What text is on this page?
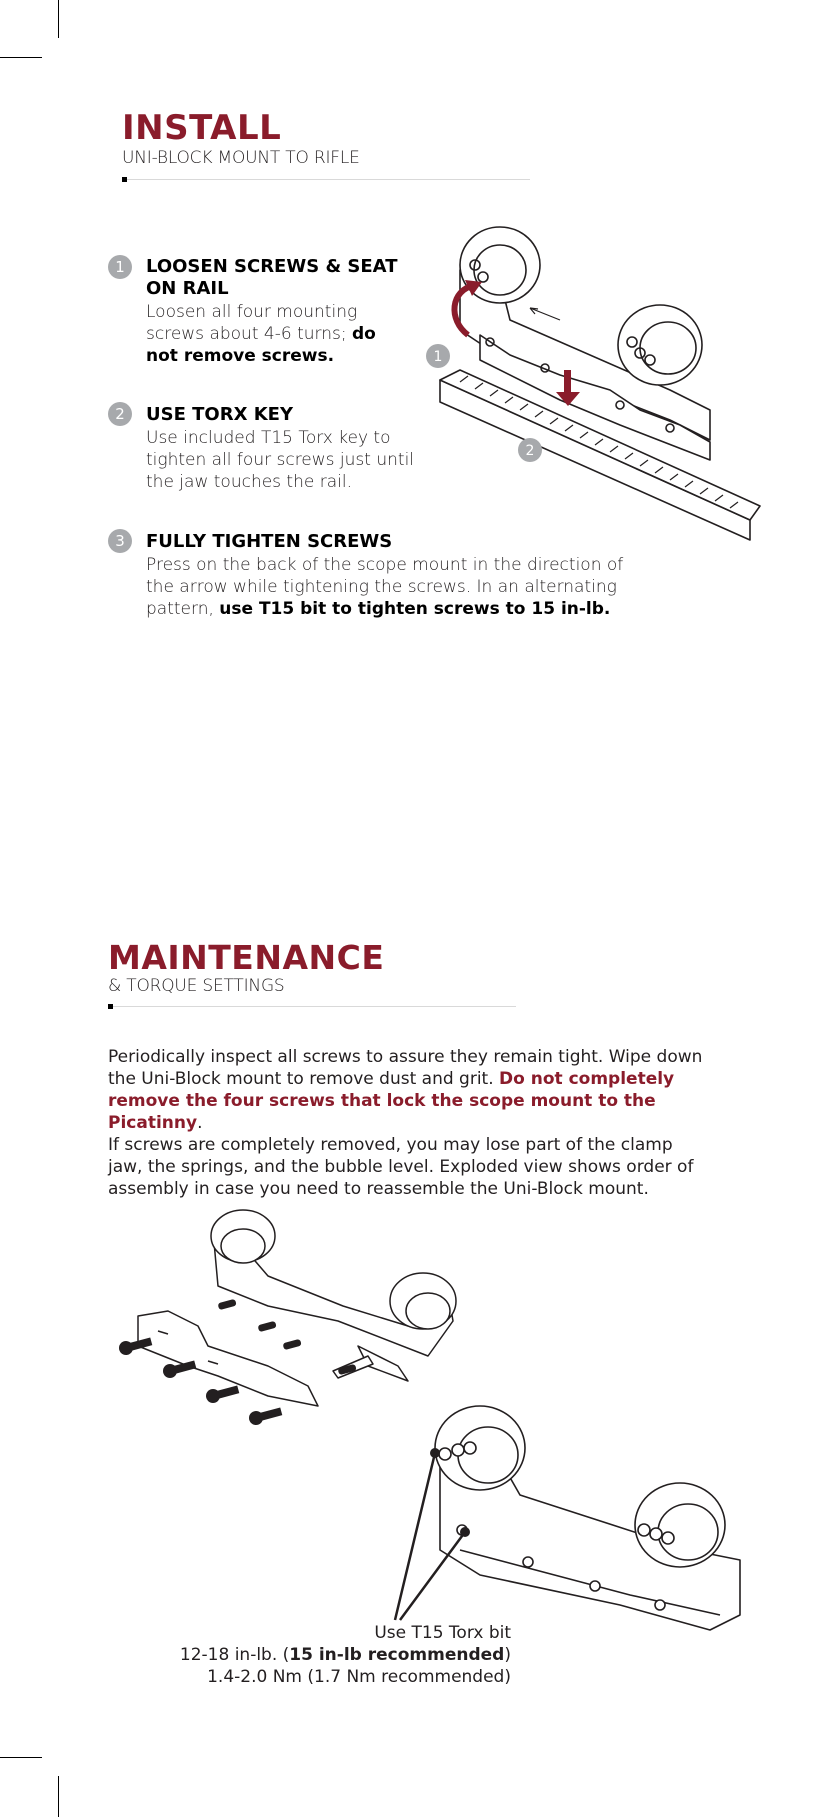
INSTALL
UNI-BLOCK MOUNT TO RIFLE
1	LOOSEN SCREWS & SEAT
ON RAIL
Loosen all four mounting
screws about 4-6 turns; do
not remove screws.
2	USE TORX KEY
Use included T15 Torx key to
tighten all four screws just until
the jaw touches the rail.
3	FULLY TIGHTEN SCREWS
Press on the back of the scope mount in the direction of
the arrow while tightening the screws. In an alternating
pattern, use T15 bit to tighten screws to 15 in-lb.
1
2
MAINTENANCE
& TORQUE SETTINGS
Periodically inspect all screws to assure they remain tight. Wipe down
the Uni-Block mount to remove dust and grit. Do not completely
remove the four screws that lock the scope mount to the Picatinny.
If screws are completely removed, you may lose part of the clamp
jaw, the springs, and the bubble level. Exploded view shows order of
assembly in case you need to reassemble the Uni-Block mount.
Use T15 Torx bit
12-18 in-lb. (15 in-lb recommended)
1.4-2.0 Nm (1.7 Nm recommended)
